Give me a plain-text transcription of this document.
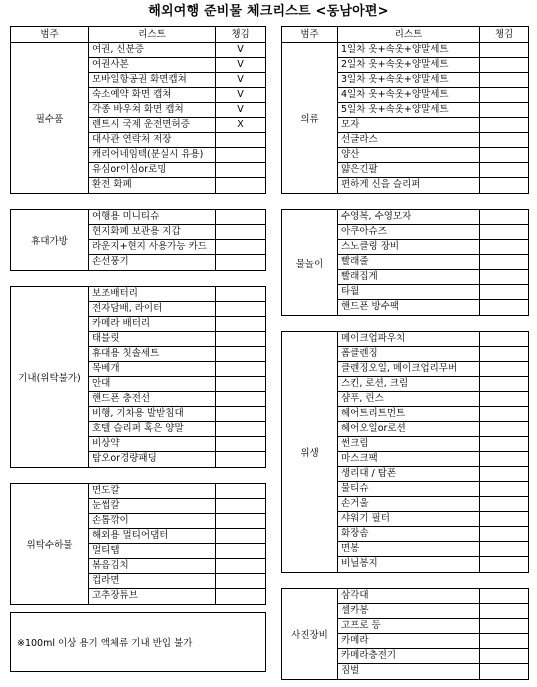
해외여행 준비물 체크리스트 <동남아편>
범주	리스트	챙김
필수품
여권, 신분증	V
여권사본	V
모바일항공권 화면캡쳐	V
숙소예약 화면 캡쳐	V
각종 바우쳐 화면 캡쳐	V
렌트시 국제 운전면허증	X
대사관 연락처 저장
캐리어네임텍(분실시 유용)
유심or이심or로밍
환전 화폐
휴대가방
여행용 미니티슈
현지화폐 보관용 지갑
라운지+현지 사용가능 카드
손선풍기
기내(위탁불가)
보조배터리
전자담배, 라이터
카메라 배터리
태블릿
휴대용 칫솔세트
목베개
안대
핸드폰 충전선
비행, 기차용 발받침대
호텔 슬리퍼 혹은 양말
비상약
탐오or경량패딩
위탁수하물
면도칼
눈썹칼
손톱깎이
해외용 멀티어댑터
멀티탭
볶음김치
컵라면
고추장튜브
범주	리스트	챙김
의류
1일차 옷+속옷+양말세트
2일차 옷+속옷+양말세트
3일차 옷+속옷+양말세트
4일차 옷+속옷+양말세트
5일차 옷+속옷+양말세트
모자
선글라스
양산
얇은긴팔
편하게 신을 슬리퍼
물놀이
수영복, 수영모자
아쿠아슈즈
스노클링 장비
빨래줄
빨래집게
타월
핸드폰 방수팩
위생
메이크업파우치
폼클렌징
클렌징오일, 메이크업리무버
스킨, 로션, 크림
샴푸, 린스
헤어트리트먼트
헤어오일or로션
썬크림
마스크팩
생리대 / 탐폰
물티슈
손거울
샤워기 필터
화장솜
면봉
비닐봉지
사진장비
삼각대
셀카봉
고프로 등
카메라
카메라충전기
짐벌
※100ml 이상 용기 액체류 기내 반입 불가
